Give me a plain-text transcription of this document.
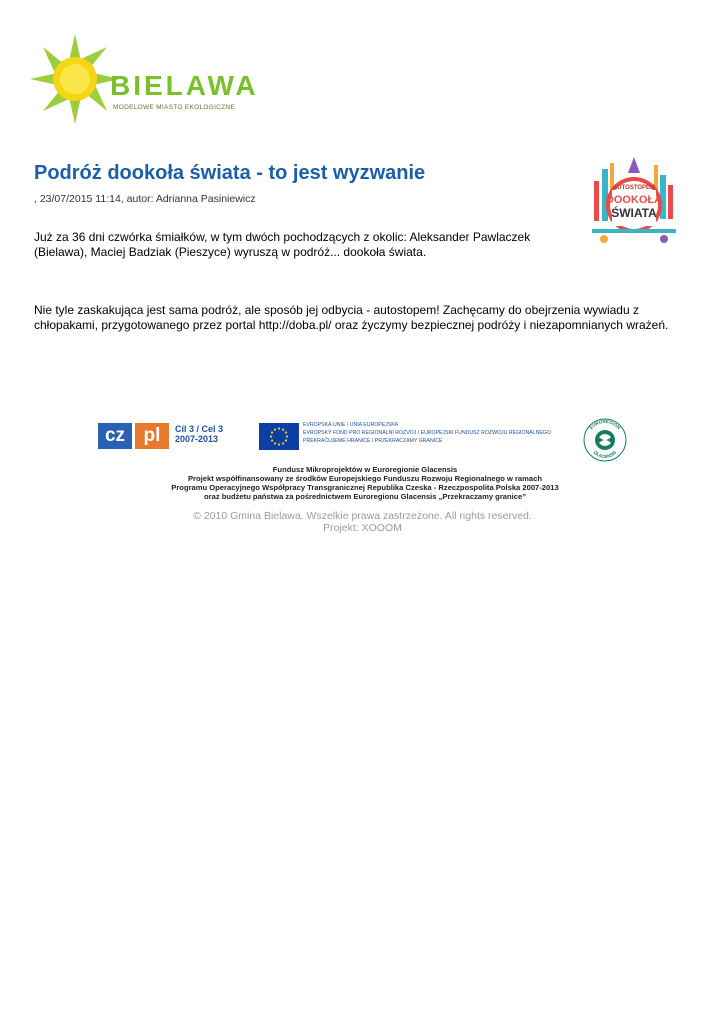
BIELAWA
MODELOWE MIASTO EKOLOGICZNE
Podróż dookoła świata - to jest wyzwanie
, 23/07/2015 11:14, autor: Adrianna Pasiniewicz
Już za 36 dni czwórka śmiałków, w tym dwóch pochodzących z okolic: Aleksander Pawlaczek (Bielawa), Maciej Badziak (Pieszyce) wyruszą w podróż... dookoła świata.
Nie tyle zaskakująca jest sama podróż, ale sposób jej odbycia - autostopem! Zachęcamy do obejrzenia wywiadu z chłopakami, przygotowanego przez portal http://doba.pl/ oraz życzymy bezpiecznej podróży i niezapomnianych wrażeń.
AUTOSTOPEM
DOOKOŁA
ŚWIATA
cz pl	Cíl 3 / Cel 3
2007-2013
EVROPSKÁ UNIE / UNIA EUROPEJSKA
EVROPSKÝ FOND PRO REGIONÁLNÍ ROZVOJ / EUROPEJSKI FUNDUSZ ROZWOJU REGIONALNEGO
PŘEKRAČUJEME HRANICE / PRZEKRACZAMY GRANICE
EUROREGION
GLACENSIS
Fundusz Mikroprojektów w Euroregionie Glacensis
Projekt współfinansowany ze środków Europejskiego Funduszu Rozwoju Regionalnego w ramach
Programu Operacyjnego Współpracy Transgranicznej Republika Czeska - Rzeczpospolita Polska 2007-2013
oraz budżetu państwa za pośrednictwem Euroregionu Glacensis „Przekraczamy granice”
© 2010 Gmina Bielawa. Wszelkie prawa zastrzeżone. All rights reserved.
Projekt: XOOOM
